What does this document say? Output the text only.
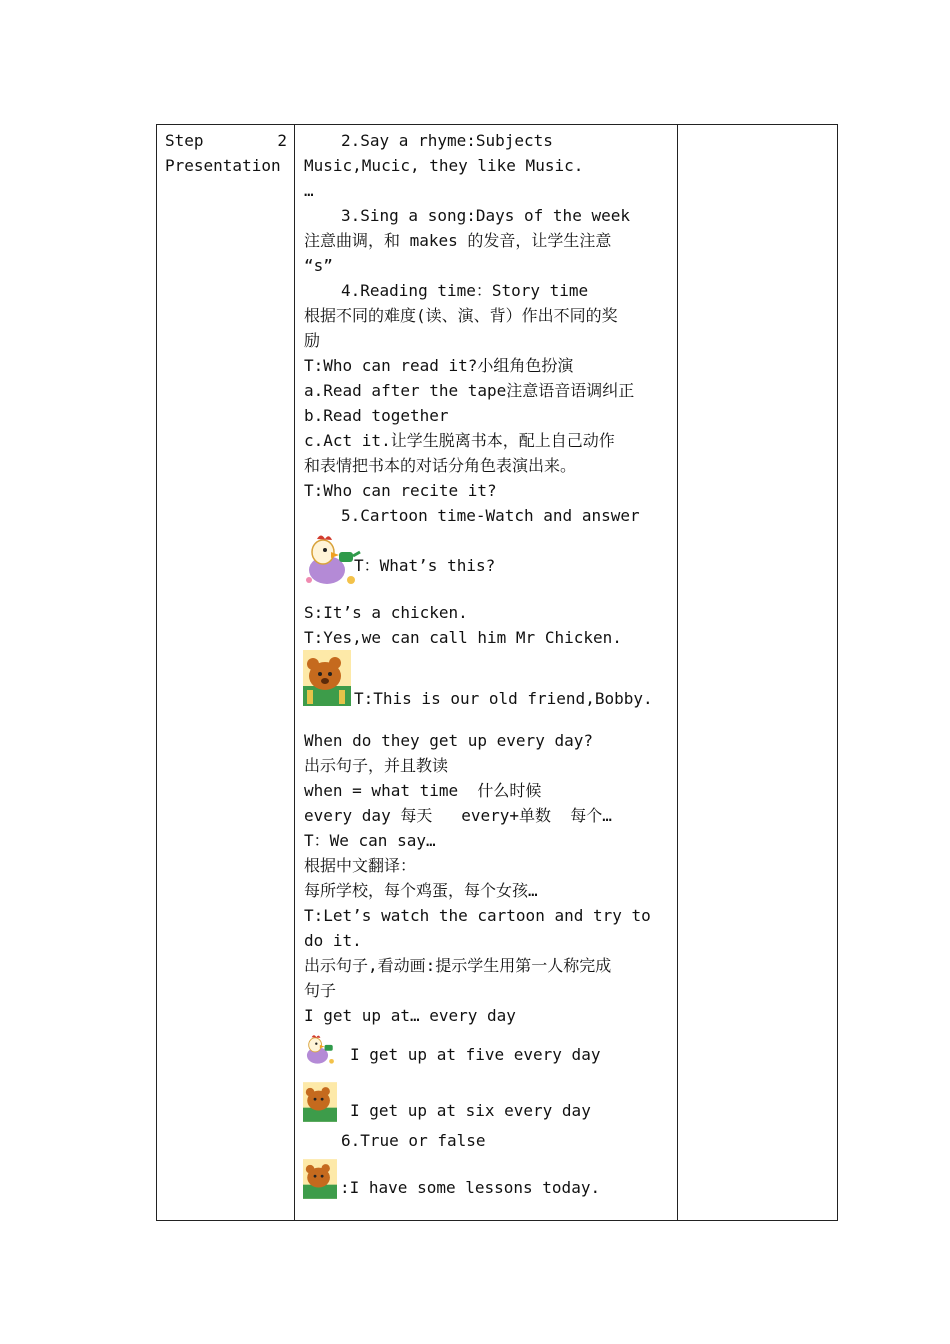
Step	2
Presentation
2.Say a rhyme:Subjects
Music,Mucic, they like Music.
…
3.Sing a song:Days of the week
注意曲调，和 makes 的发音，让学生注意
“s”
4.Reading time：Story time
根据不同的难度(读、演、背）作出不同的奖
励
T:Who can read it?小组角色扮演
a.Read after the tape注意语音语调纠正
b.Read together
c.Act it.让学生脱离书本，配上自己动作
和表情把书本的对话分角色表演出来。
T:Who can recite it?
5.Cartoon time-Watch and answer
T：What’s this?
S:It’s a chicken.
T:Yes,we can call him Mr Chicken.
T:This is our old friend,Bobby.
When do they get up every day?
出示句子，并且教读
when = what time  什么时候
every day 每天   every+单数  每个…
T：We can say…
根据中文翻译：
每所学校，每个鸡蛋，每个女孩…
T:Let’s watch the cartoon and try to
do it.
出示句子,看动画:提示学生用第一人称完成
句子
I get up at… every day
I get up at five every day
I get up at six every day
6.True or false
:I have some lessons today.
